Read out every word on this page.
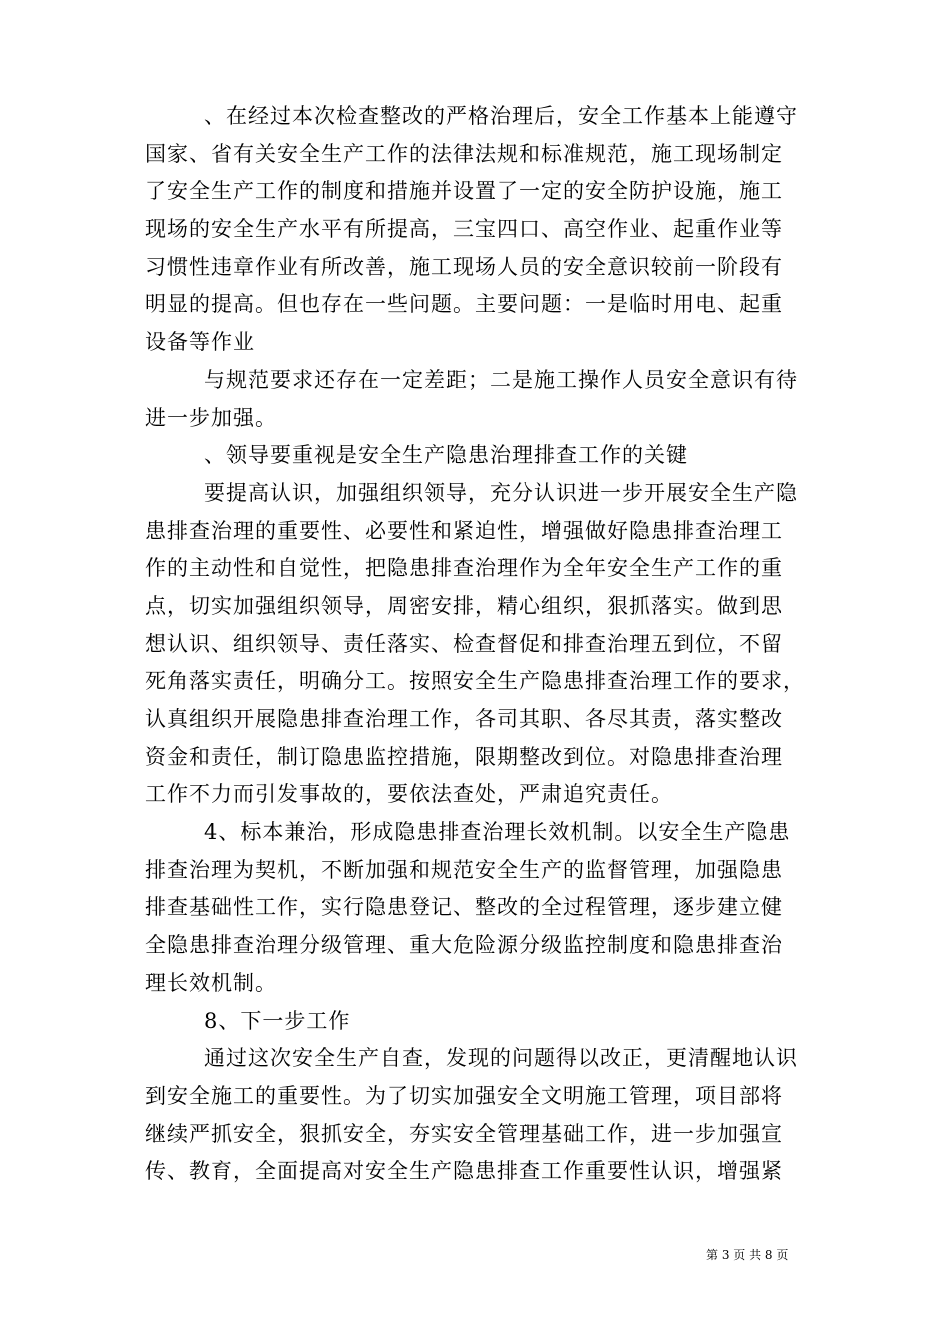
、在经过本次检查整改的严格治理后，安全工作基本上能遵守
国家、省有关安全生产工作的法律法规和标准规范，施工现场制定
了安全生产工作的制度和措施并设置了一定的安全防护设施，施工
现场的安全生产水平有所提高，三宝四口、高空作业、起重作业等
习惯性违章作业有所改善，施工现场人员的安全意识较前一阶段有
明显的提高。但也存在一些问题。主要问题：一是临时用电、起重
设备等作业
与规范要求还存在一定差距；二是施工操作人员安全意识有待
进一步加强。
、领导要重视是安全生产隐患治理排查工作的关键
要提高认识，加强组织领导，充分认识进一步开展安全生产隐
患排查治理的重要性、必要性和紧迫性，增强做好隐患排查治理工
作的主动性和自觉性，把隐患排查治理作为全年安全生产工作的重
点，切实加强组织领导，周密安排，精心组织，狠抓落实。做到思
想认识、组织领导、责任落实、检查督促和排查治理五到位，不留
死角落实责任，明确分工。按照安全生产隐患排查治理工作的要求，
认真组织开展隐患排查治理工作，各司其职、各尽其责，落实整改
资金和责任，制订隐患监控措施，限期整改到位。对隐患排查治理
工作不力而引发事故的，要依法查处，严肃追究责任。
4、标本兼治，形成隐患排查治理长效机制。以安全生产隐患
排查治理为契机，不断加强和规范安全生产的监督管理，加强隐患
排查基础性工作，实行隐患登记、整改的全过程管理，逐步建立健
全隐患排查治理分级管理、重大危险源分级监控制度和隐患排查治
理长效机制。
8、下一步工作
通过这次安全生产自查，发现的问题得以改正，更清醒地认识
到安全施工的重要性。为了切实加强安全文明施工管理，项目部将
继续严抓安全，狠抓安全，夯实安全管理基础工作，进一步加强宣
传、教育，全面提高对安全生产隐患排查工作重要性认识，增强紧
第 3 页 共 8 页
